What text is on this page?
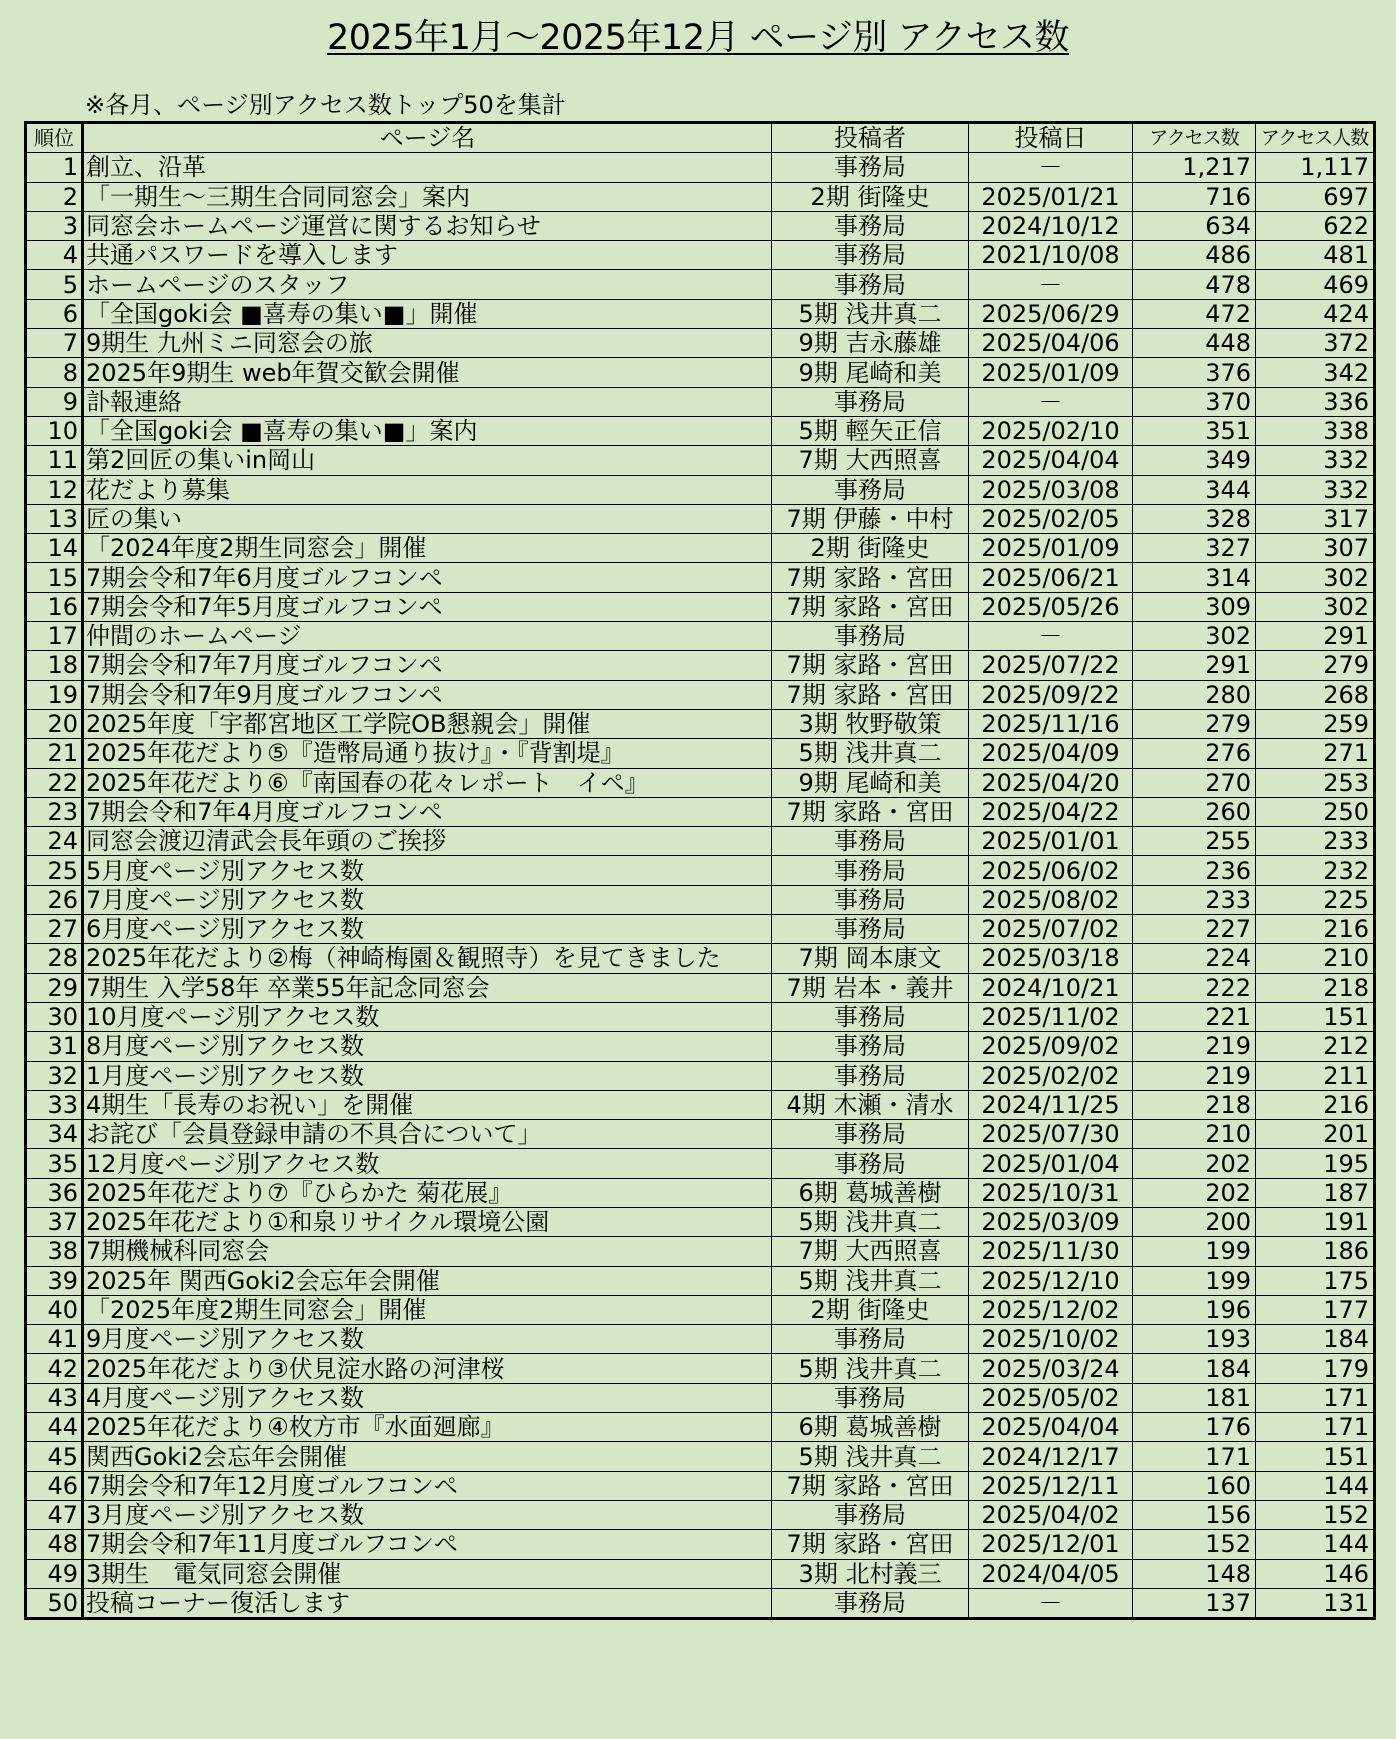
2025年1月～2025年12月 ページ別 アクセス数
※各月、ページ別アクセス数トップ50を集計
順位	ページ名	投稿者	投稿日	アクセス数	アクセス人数
1	創立、沿革	事務局	－	1,217	1,117
2	「一期生～三期生合同同窓会」案内	2期 街隆史	2025/01/21	716	697
3	同窓会ホームページ運営に関するお知らせ	事務局	2024/10/12	634	622
4	共通パスワードを導入します	事務局	2021/10/08	486	481
5	ホームページのスタッフ	事務局	－	478	469
6	「全国goki会 ■喜寿の集い■」開催	5期 浅井真二	2025/06/29	472	424
7	9期生 九州ミニ同窓会の旅	9期 吉永藤雄	2025/04/06	448	372
8	2025年9期生 web年賀交歓会開催	9期 尾崎和美	2025/01/09	376	342
9	訃報連絡	事務局	－	370	336
10	「全国goki会 ■喜寿の集い■」案内	5期 輕矢正信	2025/02/10	351	338
11	第2回匠の集いin岡山	7期 大西照喜	2025/04/04	349	332
12	花だより募集	事務局	2025/03/08	344	332
13	匠の集い	7期 伊藤・中村	2025/02/05	328	317
14	「2024年度2期生同窓会」開催	2期 街隆史	2025/01/09	327	307
15	7期会令和7年6月度ゴルフコンペ	7期 家路・宮田	2025/06/21	314	302
16	7期会令和7年5月度ゴルフコンペ	7期 家路・宮田	2025/05/26	309	302
17	仲間のホームページ	事務局	－	302	291
18	7期会令和7年7月度ゴルフコンペ	7期 家路・宮田	2025/07/22	291	279
19	7期会令和7年9月度ゴルフコンペ	7期 家路・宮田	2025/09/22	280	268
20	2025年度「宇都宮地区工学院OB懇親会」開催	3期 牧野敬策	2025/11/16	279	259
21	2025年花だより⑤『造幣局通り抜け』・『背割堤』	5期 浅井真二	2025/04/09	276	271
22	2025年花だより⑥『南国春の花々レポート　イペ』	9期 尾崎和美	2025/04/20	270	253
23	7期会令和7年4月度ゴルフコンペ	7期 家路・宮田	2025/04/22	260	250
24	同窓会渡辺清武会長年頭のご挨拶	事務局	2025/01/01	255	233
25	5月度ページ別アクセス数	事務局	2025/06/02	236	232
26	7月度ページ別アクセス数	事務局	2025/08/02	233	225
27	6月度ページ別アクセス数	事務局	2025/07/02	227	216
28	2025年花だより②梅（神崎梅園＆観照寺）を見てきました	7期 岡本康文	2025/03/18	224	210
29	7期生 入学58年 卒業55年記念同窓会	7期 岩本・義井	2024/10/21	222	218
30	10月度ページ別アクセス数	事務局	2025/11/02	221	151
31	8月度ページ別アクセス数	事務局	2025/09/02	219	212
32	1月度ページ別アクセス数	事務局	2025/02/02	219	211
33	4期生「長寿のお祝い」を開催	4期 木瀬・清水	2024/11/25	218	216
34	お詫び「会員登録申請の不具合について」	事務局	2025/07/30	210	201
35	12月度ページ別アクセス数	事務局	2025/01/04	202	195
36	2025年花だより⑦『ひらかた 菊花展』	6期 葛城善樹	2025/10/31	202	187
37	2025年花だより①和泉リサイクル環境公園	5期 浅井真二	2025/03/09	200	191
38	7期機械科同窓会	7期 大西照喜	2025/11/30	199	186
39	2025年 関西Goki2会忘年会開催	5期 浅井真二	2025/12/10	199	175
40	「2025年度2期生同窓会」開催	2期 街隆史	2025/12/02	196	177
41	9月度ページ別アクセス数	事務局	2025/10/02	193	184
42	2025年花だより③伏見淀水路の河津桜	5期 浅井真二	2025/03/24	184	179
43	4月度ページ別アクセス数	事務局	2025/05/02	181	171
44	2025年花だより④枚方市『水面廻廊』	6期 葛城善樹	2025/04/04	176	171
45	関西Goki2会忘年会開催	5期 浅井真二	2024/12/17	171	151
46	7期会令和7年12月度ゴルフコンペ	7期 家路・宮田	2025/12/11	160	144
47	3月度ページ別アクセス数	事務局	2025/04/02	156	152
48	7期会令和7年11月度ゴルフコンペ	7期 家路・宮田	2025/12/01	152	144
49	3期生　電気同窓会開催	3期 北村義三	2024/04/05	148	146
50	投稿コーナー復活します	事務局	－	137	131
